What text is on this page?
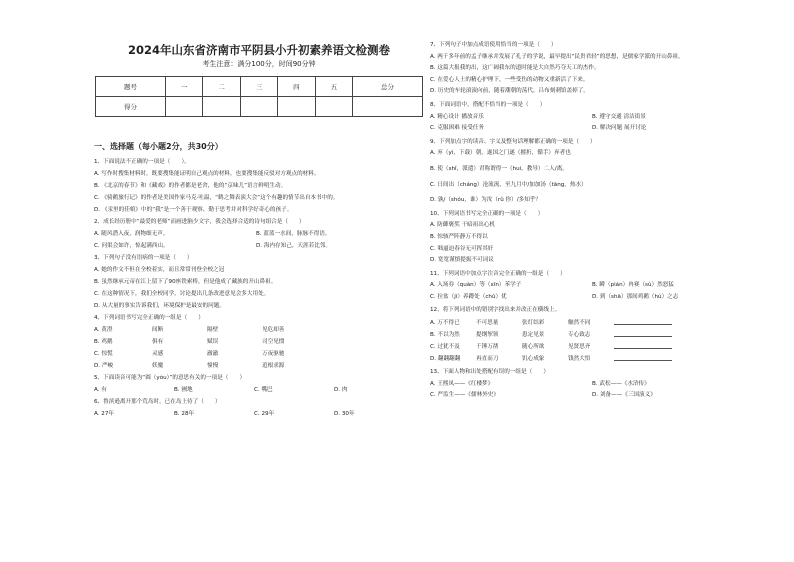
2024年山东省济南市平阴县小升初素养语文检测卷
考生注意：满分100分，时间90分钟
题号	一	二	三	四	五	总分
得分						
一、选择题（每小题2分，共30分）
1、下面说法不正确的一项是（　　）。
A. 写作时搜集材料时，既要搜集能证明自己观点的材料，也要搜集能反驳对方观点的材料。
B. 《北京的春节》和《藏戏》的作者都是老舍，他的“京味儿”语言鲜明生动。
C. 《骑鹅旅行记》的作者是美国作家马克·吐温，“鹤之舞表演大会”这个有趣的情节出自本书中的。
D. 《汞里的佳娘》中的“我”是一个善于观察、勤于思考并对科学好奇心的孩子。
2、成长经历册中“最爱的老师”而画进脑少文字，我会选择合适的诗句组合是（　　）
A. 随风潜入夜，润物细无声。	B. 蓝蓝一水间，脉脉不得语。
C. 问渠会如许，惊起满西山。	D. 海内存知己，天涯若比邻。
3、下列句子没有语病的一项是（　　）
A. 她的作文不但在全校着实，而且常常刊登全校之冠
B. 虽然继承元帝在江上留下了90座铁索桥，但是他成了藏族的开山鼻祖。
C. 在这种情况下，我们全校同学，讨论提出几条改进意见会多大用处。
D. 从大量的事实告诉我们，环境保护是最安的问题。
4、下列词语书写完全正确的一组是（　　）
A. 黄澄	间断	隔壁	见危却善
B. 鸡鹅	俱有	赋误	司空见惯
C. 惊慌	灵感	澈澈	万夜驱驰
D. 严峻	妖魔	憧慢	追根求源
5、下面读音可能为“圆（yòu）”的意思有关的一项是（　　）
A. 有	B. 圃地	C. 嘴巴	D. 肉
6、鲁滨逊离开那个荒岛时，已在岛上待了（　　）
A. 27年	B. 28年	C. 29年	D. 30年
7、下列句子中加点成语使用恰当的一项是（　　）
A. 两千多年前的孟子继承并发展了孔子的学说，最早提出“民贵君轻”的思想，是儒家学派的开山鼻祖。
B. 这篇大报我的出，这广阔我东的道时能是大自然巧夺天工的杰作。
C. 在爱心人士的精心护理下，一些受伤的动物又重新活了下来。
D. 历史的车轮滚滚向前，随着潮朝的荡代，吕布刻刺馆盖掉了。
8、下面词语中，搭配不恰当的一项是（　　）
A. 精心设计 播放音乐	B. 遵守交通 清洁街景
C. 克服困难 接受任务	D. 解决问题 展开讨论
9、下列加点字的读音、字义及整句话理解都正确的一项是（　　）
A. 弃（yì，下载）朝，遂国之门遂（摧折，循手）弃者也
B. 使（shǐ，派遣）君称谓得一（hui，教导）二人/离。
C. 日间出（cháng）沧流流，至九月中/加加汤（tāng，热水）
D. 孰/（shóu，谁）为汝（rǔ 你）/多知乎？
10、下列词语书写完全正确的一项是（　　）
A. 防御褒奖 干暗祖出心机
B. 惊骇严阵静万不得以
C. 咄逼迫春谷无可挥其奸
D. 宽宽谨慎提振不可词议
11、下列词语中加点字注音完全正确的一组是（　　）
A. 入场券（quàn）等（xīn）苯学子	B. 瞬（pián）冉赛（sù）然怒猛
C. 拉盆（jì）养蹲处（chǔ）优	D. 到（shā）那间鸡鹅（hú）之志
12、将下列词语中的错别字找出来并改正在横线上。
A. 万不得已	不可思量	张灯结彩	触然不同
B. 不以为然	提纲挈领	患定见景	专心致志
C. 过犹不及	千锤万凿	随心所欲	见贤思齐
D. 翻翻翻翻	再直而刀	饥心成象	钱然大悟
13、下面人物和出处搭配有误的一组是（　　）
A. 王熙凤——《红楼梦》	B. 武松——《水浒传》
C. 严监生——《儒林外史》	D. 刘备——《三国演义》
